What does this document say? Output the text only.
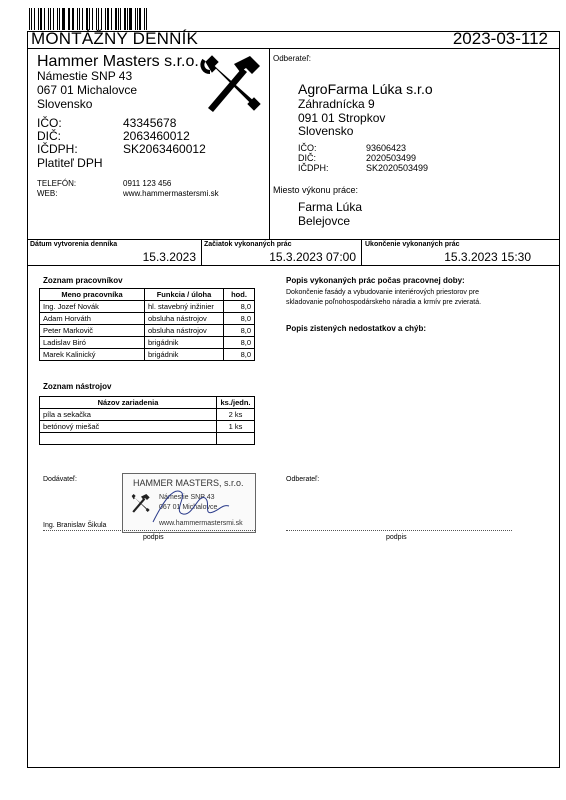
MONTÁŽNY DENNÍK	2023-03-112
Hammer Masters s.r.o.
Námestie SNP 43
067 01 Michalovce
Slovensko
IČO:	43345678
DIČ:	2063460012
IČDPH:	SK2063460012
Platiteľ DPH
TELEFÓN:	0911 123 456
WEB:	www.hammermastersmi.sk
Odberateľ:
AgroFarma Lúka s.r.o
Záhradnícka 9
091 01 Stropkov
Slovensko
IČO:	93606423
DIČ:	2020503499
IČDPH:	SK2020503499
Miesto výkonu práce:
Farma Lúka
Belejovce
Dátum vytvorenia denníka
15.3.2023
Začiatok vykonaných prác
15.3.2023 07:00
Ukončenie vykonaných prác
15.3.2023 15:30
Zoznam pracovníkov
Meno pracovníka	Funkcia / úloha	hod.
Ing. Jozef Novák	hl. stavebný inžinier	8,0
Adam Horváth	obsluha nástrojov	8,0
Peter Markovič	obsluha nástrojov	8,0
Ladislav Biró	brigádnik	8,0
Marek Kalinický	brigádnik	8,0
Zoznam nástrojov
Názov zariadenia	ks./jedn.
píla a sekačka	2 ks
betónový miešač	1 ks

Popis vykonaných prác počas pracovnej doby:
Dokončenie fasády a vybudovanie interiérových priestorov pre
skladovanie poľnohospodárskeho náradia a krmív pre zvieratá.
Popis zistených nedostatkov a chýb:
Dodávateľ:	Odberateľ:
HAMMER MASTERS, s.r.o.
Námestie SNP 43
067 01 Michalovce
www.hammermastersmi.sk
Ing. Branislav Šikula
podpis	podpis
